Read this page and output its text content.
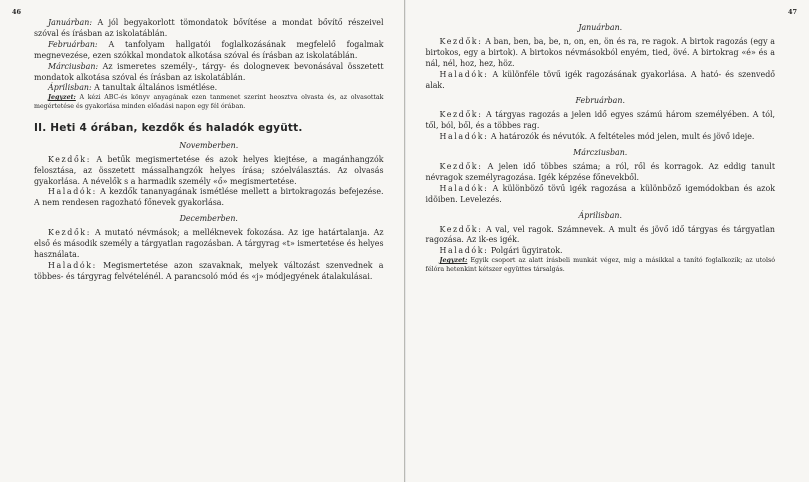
46

Januárban: A jól begyakorlott tömondatok bővítése a mondat bővítő részeivel szóval és írásban az iskolatáblán.

Februárban: A tanfolyam hallgatói foglalkozásának megfelelő fogalmak megnevezése, ezen szókkal mondatok alkotása szóval és írásban az iskolatáblán.

Márciusban: Az ismeretes személy-, tárgy- és dologneveк bevonásával összetett mondatok alkotása szóval és írásban az iskolatáblán.

Áprilisban: A tanultak általános ismétlése.

Jegyzet: A kézi ABC-és könyv anyagának ezen tanmenet szerint heosztva olvasta és, az olvasottak megértetése és gyakorlása minden előadási napon egy fél órában.

II. Heti 4 órában, kezdők és haladók együtt.
Novemberben.

Kezdők: A betűk megismertetése és azok helyes kiejtése, a magánhangzók felosztása, az összetett mássalhangzók helyes írása; szóelválasztás. Az olvasás gyakorlása. A névelők s a harmadik személy «ő» megismertetése.

Haladók: A kezdők tananyagának ismétlése mellett a birtokragozás befejezése. A nem rendesen ragozható főnevek gyakorlása.

Decemberben.

Kezdők: A mutató névmások; a melléknevek fokozása. Az ige határtalanja. Az első és második személy a tárgyatlan ragozásban. A tárgyrag «t» ismertetése és helyes használata.

Haladók: Megismertetése azon szavaknak, melyek változást szenvednek a többes- és tárgyrag felvételénél. A parancsoló mód és «j» módjegyének átalakulásai.

47
Januárban.

Kezdők: A ban, ben, ba, be, n, on, en, ön és ra, re ragok. A birtok ragozás (egy a birtokos, egy a birtok). A birtokos névmásokból enyém, tied, övé. A birtokrag «é» és a nál, nél, hoz, hez, höz.

Haladók: A különféle tövű igék ragozásának gyakorlása. A ható- és szenvedő alak.

Februárban.

Kezdők: A tárgyas ragozás a jelen idő egyes számú három személyében. A tól, től, ból, ből, és a többes rag.

Haladók: A határozók és névutók. A feltételes mód jelen, mult és jövő ideje.

Márcziusban.

Kezdők: A jelen idő többes száma; a ról, ről és korragok. Az eddig tanult névragok személyragozása. Igék képzése főnevekből.

Haladók: A különböző tövű igék ragozása a különböző igemódokban és azok idõiben. Levelezés.

Áprilisban.

Kezdők: A val, vel ragok. Számnevek. A mult és jövő idő tárgyas és tárgyatlan ragozása. Az ik-es igék.

Haladók: Polgári ügyiratok.

Jegyzet: Egyik csoport az alatt írásbeli munkát végez, mig a másikkal a tanító foglalkozik; az utolsó félóra hetenkint kétszer együttes társalgás.
